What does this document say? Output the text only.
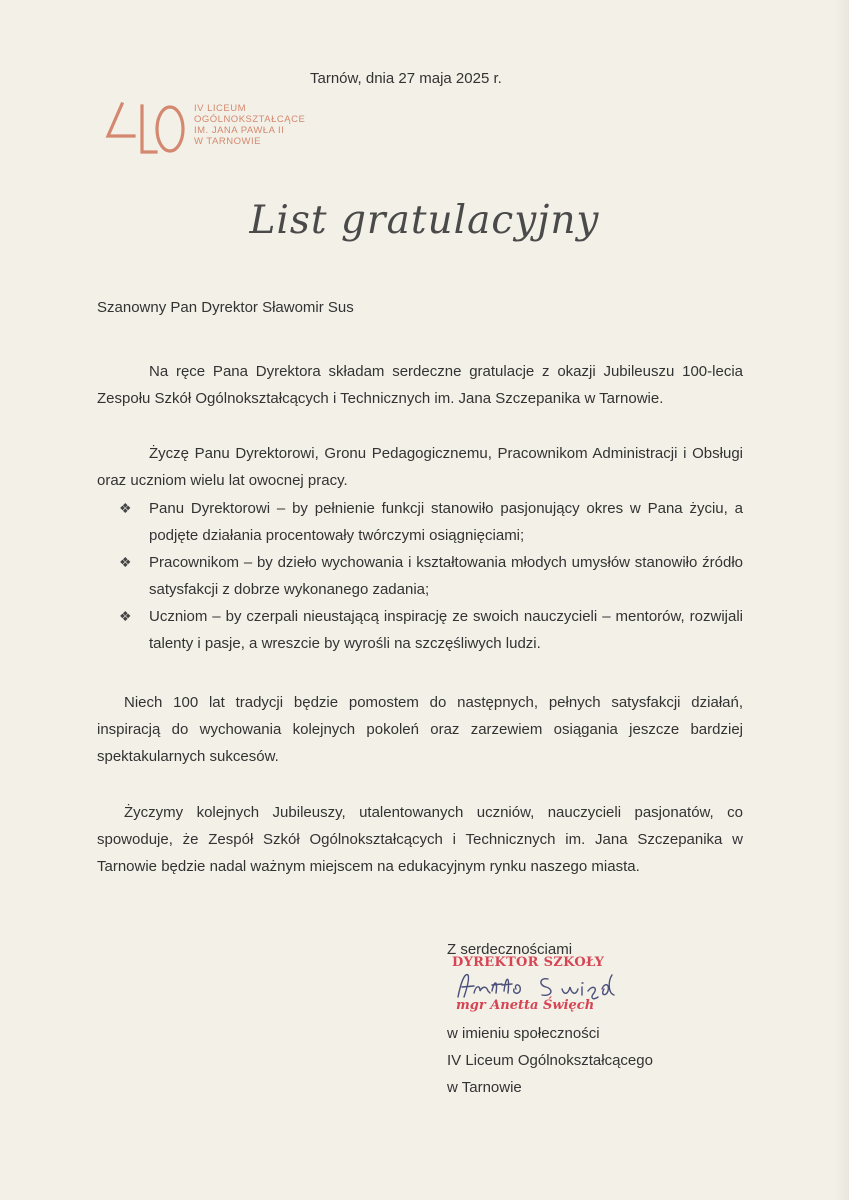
Tarnów, dnia 27 maja 2025 r.
IV LICEUM
OGÓLNOKSZTAŁCĄCE
IM. JANA PAWŁA II
W TARNOWIE
List gratulacyjny
Szanowny Pan Dyrektor Sławomir Sus
Na ręce Pana Dyrektora składam serdeczne gratulacje z okazji Jubileuszu 100-lecia Zespołu Szkół Ogólnokształcących i Technicznych im. Jana Szczepanika w Tarnowie.
Życzę Panu Dyrektorowi, Gronu Pedagogicznemu, Pracownikom Administracji i Obsługi oraz uczniom wielu lat owocnej pracy.
❖ Panu Dyrektorowi – by pełnienie funkcji stanowiło pasjonujący okres w Pana życiu, a podjęte działania procentowały twórczymi osiągnięciami;
❖ Pracownikom – by dzieło wychowania i kształtowania młodych umysłów stanowiło źródło satysfakcji z dobrze wykonanego zadania;
❖ Uczniom – by czerpali nieustającą inspirację ze swoich nauczycieli – mentorów, rozwijali talenty i pasje, a wreszcie by wyrośli na szczęśliwych ludzi.
Niech 100 lat tradycji będzie pomostem do następnych, pełnych satysfakcji działań, inspiracją do wychowania kolejnych pokoleń oraz zarzewiem osiągania jeszcze bardziej spektakularnych sukcesów.
Życzymy kolejnych Jubileuszy, utalentowanych uczniów, nauczycieli pasjonatów, co spowoduje, że Zespół Szkół Ogólnokształcących i Technicznych im. Jana Szczepanika w Tarnowie będzie nadal ważnym miejscem na edukacyjnym rynku naszego miasta.
Z serdecznościami
DYREKTOR SZKOŁY
mgr Anetta Święch
w imieniu społeczności
IV Liceum Ogólnokształcącego
w Tarnowie
